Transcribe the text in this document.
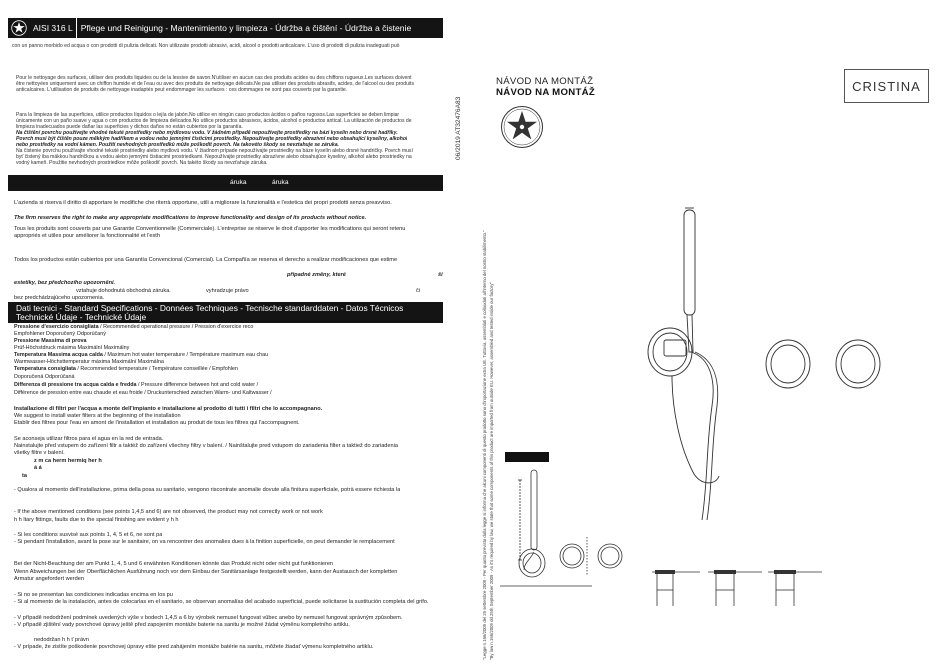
AISI 316 L Pflege und Reinigung - Mantenimiento y limpieza - Údržba a čištění - Údržba a čistenie
con un panno morbido ed acqua o con prodotti di pulizia delicati. Non utilizzate prodotti abrasivi, acidi, alcool o prodotti anticalcare. L'uso di prodotti di pulizia inadeguati può
Pour le nettoyage des surfaces, utiliser des produits liquides ou de la lessive de savon.N'utiliser en aucun cas des produits acides ou des chiffons rugueux.Les surfaces doivent
être nettoyées uniquement avec un chiffon humide et de l'eau ou avec des produits de nettoyage délicats.Ne pas utiliser des produits abrasifs, acides, de l'alcool ou des produits
anticalcaires. L'utilisation de produits de nettoyage inadaptés peut endommager les surfaces : ces dommages ne sont pas couverts par la garantie.
Para la limpieza de las superficies, utilice productos líquidos o lejía de jabón.No utilice en ningún caso productos ácidos o paños rugosos.Las superficies se deben limpiar
únicamente con un paño suave y agua o con productos de limpieza delicados.No utilice productos abrasivos, ácidos, alcohol o productos antical. La utilización de productos de
limpieza inadecuados puede dañar las superficies y dichos daños no están cubiertos por la garantía.
Na čištění povrchu používejte vhodné tekuté prostředky nebo mýdlovou vodu. V žádném případě nepoužívejte prostředky na bázi kyselin nebo drsné hadříky.
Povrch musí být čištěn pouze měkkým hadříkem a vodou nebo jemnými čisticími prostředky. Nepoužívejte prostředky abrazivní nebo obsahující kyseliny, alkohol
nebo prostředky na vodní kámen. Použití nevhodných prostředků může poškodit povrch. Na takovéto škody se nevztahuje se záruka.
Na čistenie povrchu používajte vhodné tekuté prostriedky alebo mydlovú vodu. V žiadnom prípade nepoužívajte prostriedky na báze kyselín alebo drsné handričky. Povrch musí
byť čistený iba mäkkou handričkou a vodou alebo jemnými čistiacimi prostriedkami. Nepoužívajte prostriedky abrazívne alebo obsahujúce kyseliny, alkohol alebo prostriedky na
vodný kameň. Použitie nevhodných prostriedkov môže poškodiť povrch. Na takéto škody sa nevzťahuje záruka.
áruka	áruka
L'azienda si riserva il diritto di apportare le modifiche che riterrà opportune, utili a migliorare la funzionalità e l'estetica dei propri prodotti senza preavviso.
The firm reserves the right to make any appropriate modifications to improve functionality and design of its products without notice.
Tous les produits sont couverts par une Garantie Conventionnelle (Commerciale). L'entreprise se réserve le droit d'apporter les modifications qui seront retenu
appropriés et utiles pour améliorer la fonctionnalité et l'esth
Todos los productos están cubiertos por una Garantía Convencional (Comercial). La Compañía se reserva el derecho a realizar modificaciones que estime
připadné změny, které	ši
estetiky, bez předchozího upozornění.
vztahuje dohodnutá obchodná záruka.	vyhradzuje právo	či
bez predchádzajúceho upozornenia.
Dati tecnici - Standard Specifications - Données Techniques - Tecnische standarddaten - Datos Técnicos
Technické Údaje - Technické Údaje
Pressione d'esercizio consigliata / Recommended operational pressure / Pression d'exercice reco
Empfohlener Doporučený Odporúčaný
Pressione Massima di prova
Prüf-Höchstdruck máxima Maximální Maximálny
Temperatura Massima acqua calda / Maximum hot water temperature / Température maximum eau chau
Warmwasser-Höchsttemperatur máxima Maximální Maximálna
Temperatura consigliata / Recommended temperature / Température conseillée / Empfohlen
Doporučená Odporúčaná
Differenza di pressione tra acqua calda e fredda / Pressure difference between hot and cold water /
Différence de pression entre eau chaude et eau froide / Druckunterschied zwischen Warm- und Kaltwasser /
Installazione di filtri per l'acqua a monte dell'impianto e installazione al prodotto di tutti i filtri che lo accompagnano.
We suggest to install water filters at the beginning of the installation
Etablir des filtres pour l'eau en amont de l'installation et installation au produit de tous les filtres qui l'accompagnent.
Se aconseja utilizar filtros para el agua en la red de entrada.
Nainstalujte před vstupem do zařízení filtr a taktéž do zařízení všechny filtry v balení. / Nainštalujte pred vstupom do zariadenia filter a taktiež do zariadenia
všetky filtre v balení.
z m ca herm hermiq her h
á á
ta
- Qualora al momento dell'installazione, prima della posa su sanitario, vengono riscontrate anomalie dovute alla finitura superficiale, potrà essere richiesta la
- If the above mentioned conditions (see points 1,4,5 and 6) are not observed, the product may not correctly work or not work
h h ltary fittings, faults due to the special finishing are evident y h h
- Si les conditions susvisé aux points 1, 4, 5 et 6, ne sont pa
- Si pendant l'installation, avant la pose sur le sanitaire, on va rencontrer des anomalies dues à la finition superficielle, on peut demander le remplacement
Bei der Nicht-Beachtung der am Punkt 1, 4, 5 und 6 erwähnten Konditionen könnte das Produkt nicht oder nicht gut funktionieren
Wenn Abweichungen bei der Oberflächlichen Ausführung noch vor dem Einbau der Sanitärsanlage festgestellt werden, kann der Austausch der kompletten
Armatur angefordert werden
- Si no se presentan las condiciones indicadas encima en los pu
- Si al momento de la instalación, antes de colocarlas en el sanitario, se observan anomalías del acabado superficial, puede solicitarse la sustitución completa del grifo.
- V případě nedodržení podmínek uvedených výše v bodech 1,4,5 a 6 by výrobek nemusel fungovat vůbec anebo by nemusel fungovat správným způsobem.
- V případě zjištění vady povrchové úpravy ještě před zapojením montáže baterie na sanitu je možné žádat výměnu kompletního artiklu.
nedodržan h h ť právn
- V prípade, že zistíte poškodenie povrchovej úpravy ešte pred zahájením montáže batérie na sanitu, môžete žiadať výmenu kompletného artiklu.
06/2019 AT32476A83
"Legge n.166/2009 del 25 settembre 2009 - Per quanto previsto dalla legge si informa che alcuni componenti di questo prodotto sono d'importazione extra UE. Tuttavia, assemblati e collaudati all'interno del nostro stabilimento." "By law n.166/2009 dd.25th September 2009 - As it's required by law, we state that some components of this product are imported from outside EU. However, assembled and tested inside our factory"
NÁVOD NA MONTÁŽ
NÁVOD NA MONTÁŽ	CRISTINA
